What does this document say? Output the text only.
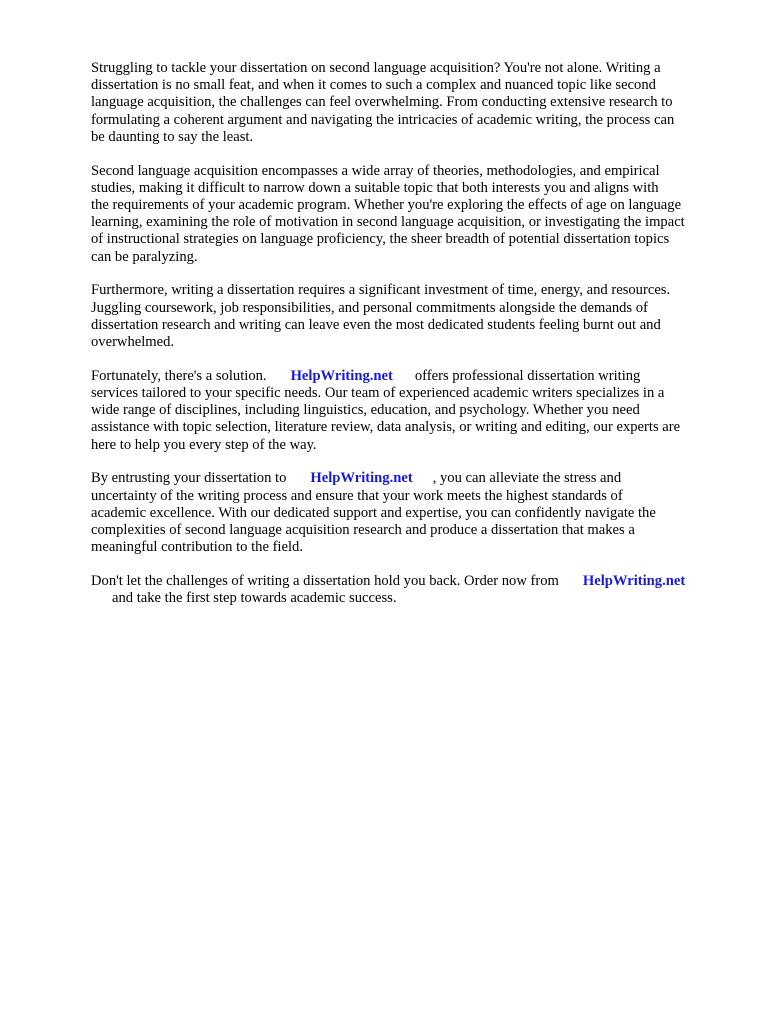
Struggling to tackle your dissertation on second language acquisition? You're not alone. Writing a
dissertation is no small feat, and when it comes to such a complex and nuanced topic like second
language acquisition, the challenges can feel overwhelming. From conducting extensive research to
formulating a coherent argument and navigating the intricacies of academic writing, the process can
be daunting to say the least.

Second language acquisition encompasses a wide array of theories, methodologies, and empirical
studies, making it difficult to narrow down a suitable topic that both interests you and aligns with
the requirements of your academic program. Whether you're exploring the effects of age on language
learning, examining the role of motivation in second language acquisition, or investigating the impact
of instructional strategies on language proficiency, the sheer breadth of potential dissertation topics
can be paralyzing.

Furthermore, writing a dissertation requires a significant investment of time, energy, and resources.
Juggling coursework, job responsibilities, and personal commitments alongside the demands of
dissertation research and writing can leave even the most dedicated students feeling burnt out and
overwhelmed.

Fortunately, there's a solution. HelpWriting.net offers professional dissertation writing
services tailored to your specific needs. Our team of experienced academic writers specializes in a
wide range of disciplines, including linguistics, education, and psychology. Whether you need
assistance with topic selection, literature review, data analysis, or writing and editing, our experts are
here to help you every step of the way.

By entrusting your dissertation to HelpWriting.net , you can alleviate the stress and
uncertainty of the writing process and ensure that your work meets the highest standards of
academic excellence. With our dedicated support and expertise, you can confidently navigate the
complexities of second language acquisition research and produce a dissertation that makes a
meaningful contribution to the field.

Don't let the challenges of writing a dissertation hold you back. Order now from HelpWriting.net
and take the first step towards academic success.
